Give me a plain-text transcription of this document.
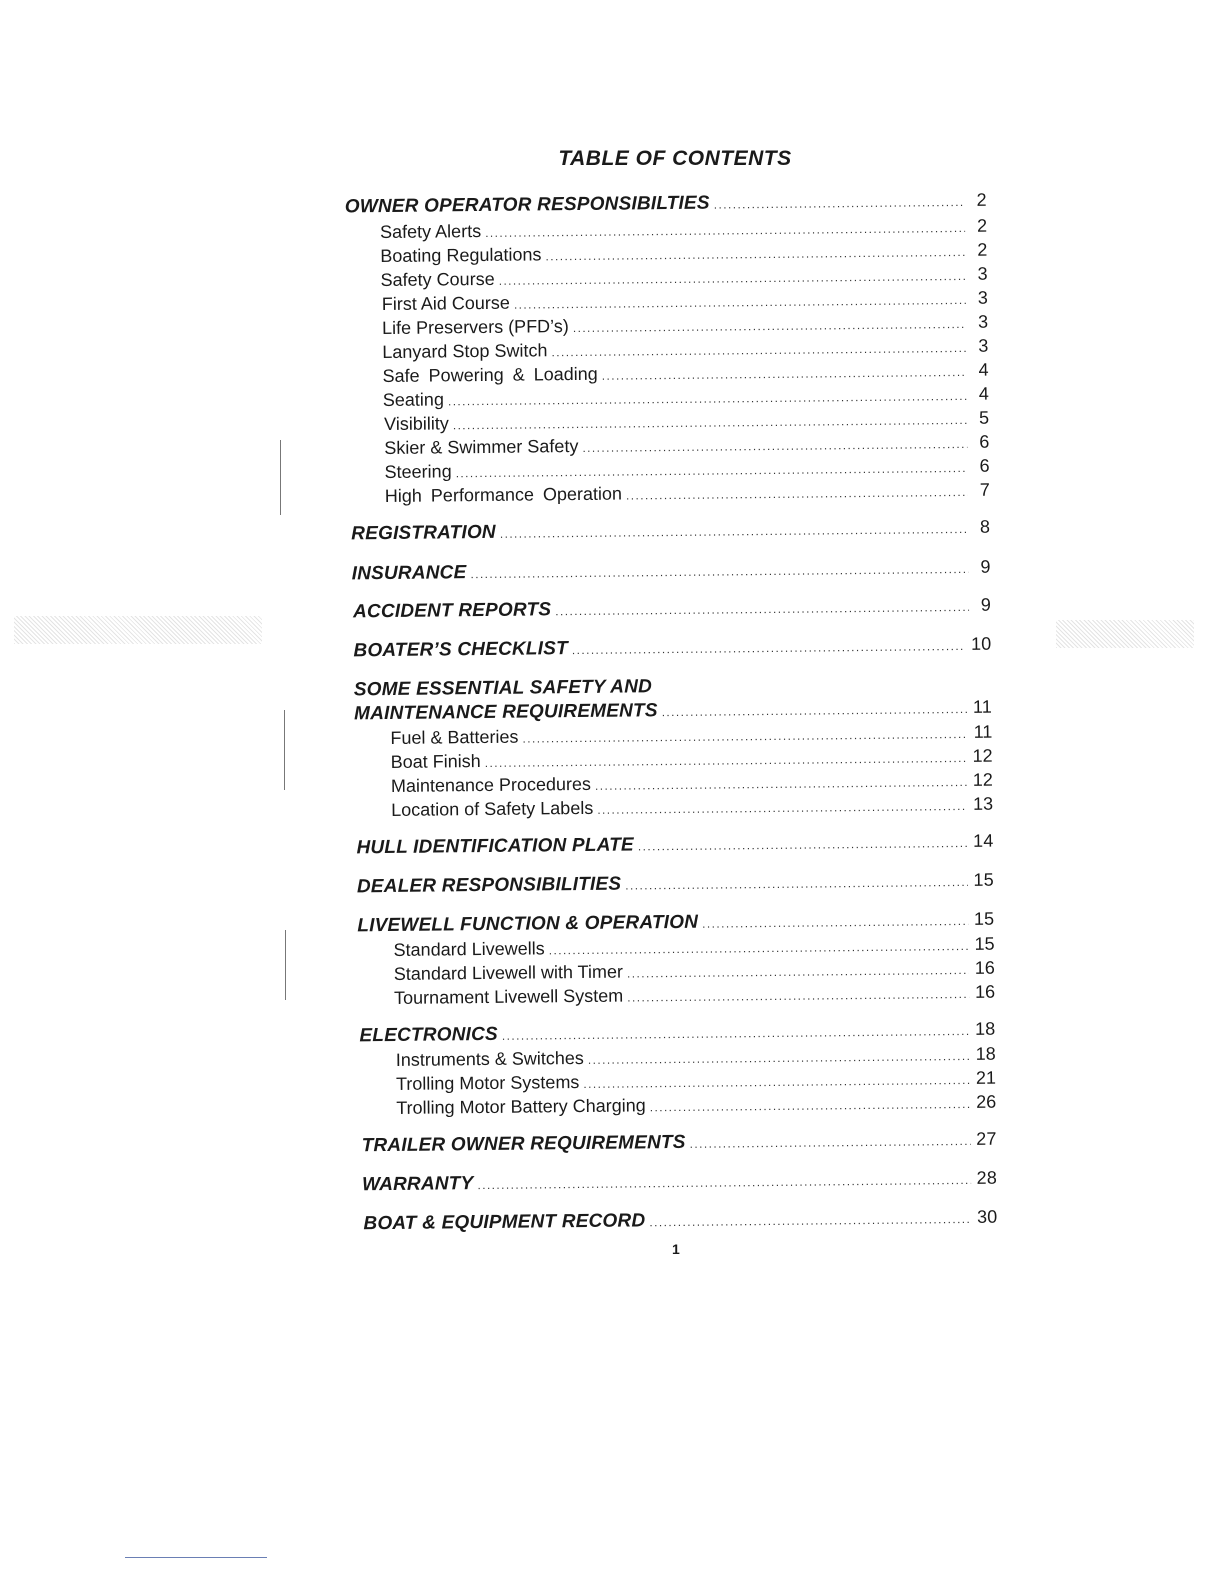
TABLE OF CONTENTS
OWNER OPERATOR RESPONSIBILTIES .....	2
Safety Alerts .....	2
Boating Regulations .....	2
Safety Course .....	3
First Aid Course .....	3
Life Preservers (PFD’s) .....	3
Lanyard Stop Switch .....	3
Safe Powering & Loading .....	4
Seating .....	4
Visibility .....	5
Skier & Swimmer Safety .....	6
Steering .....	6
High Performance Operation .....	7
REGISTRATION .....	8
INSURANCE .....	9
ACCIDENT REPORTS .....	9
BOATER’S CHECKLIST .....	10
SOME ESSENTIAL SAFETY AND
MAINTENANCE REQUIREMENTS .....	11
Fuel & Batteries .....	11
Boat Finish .....	12
Maintenance Procedures .....	12
Location of Safety Labels .....	13
HULL IDENTIFICATION PLATE .....	14
DEALER RESPONSIBILITIES .....	15
LIVEWELL FUNCTION & OPERATION .....	15
Standard Livewells .....	15
Standard Livewell with Timer .....	16
Tournament Livewell System .....	16
ELECTRONICS .....	18
Instruments & Switches .....	18
Trolling Motor Systems .....	21
Trolling Motor Battery Charging .....	26
TRAILER OWNER REQUIREMENTS .....	27
WARRANTY .....	28
BOAT & EQUIPMENT RECORD .....	30
1
